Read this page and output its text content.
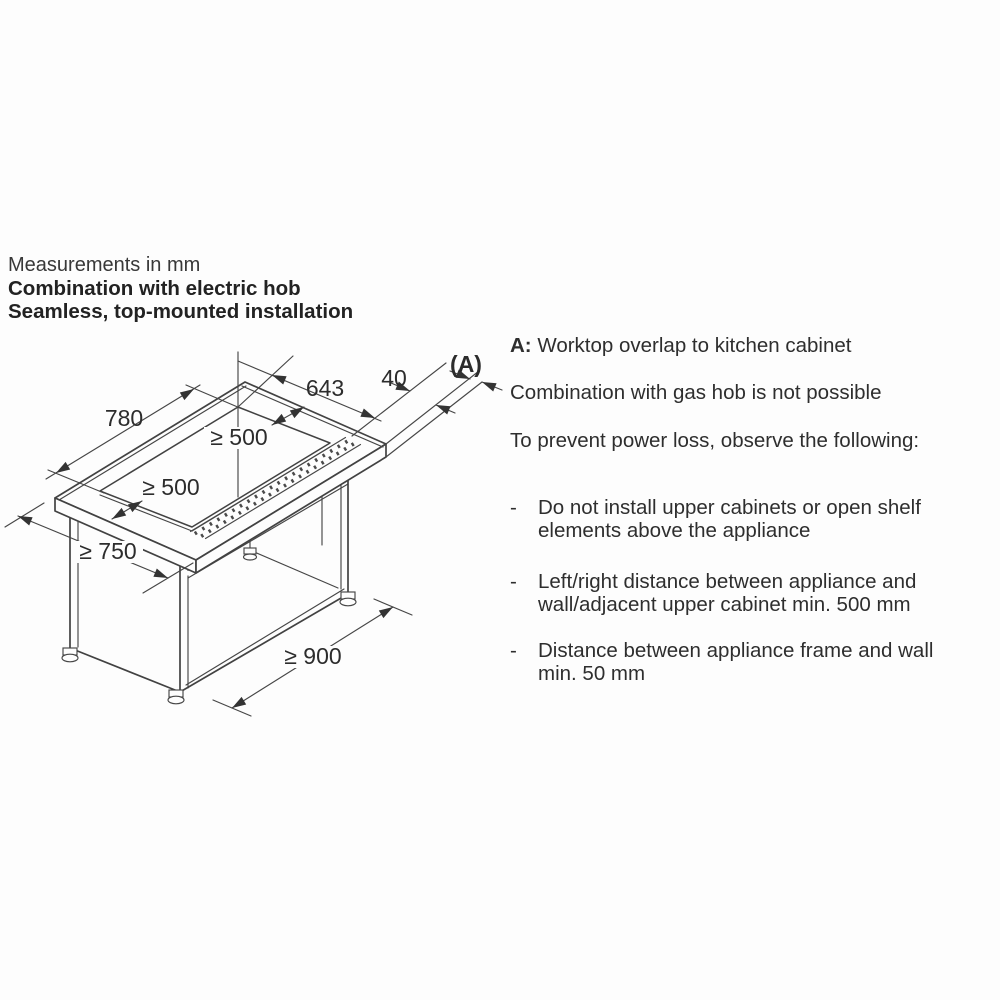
Measurements in mm
Combination with electric hob
Seamless, top-mounted installation
780
643 40
(A)
≥ 500
≥ 500
≥ 750
≥ 900

A: Worktop overlap to kitchen cabinet

Combination with gas hob is not possible

To prevent power loss, observe the following:

-	Do not install upper cabinets or open shelf elements above the appliance
-	Left/right distance between appliance and wall/adjacent upper cabinet min. 500 mm
-	Distance between appliance frame and wall min. 50 mm
